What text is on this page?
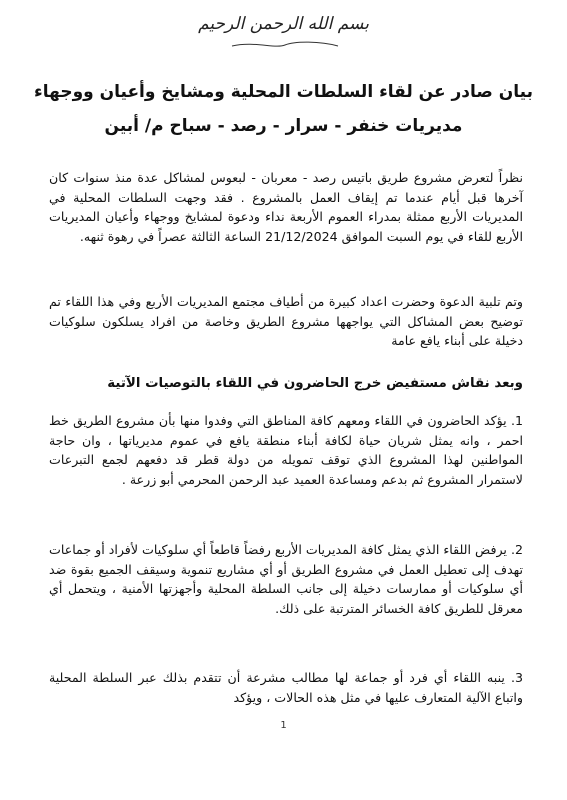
بسم الله الرحمن الرحيم
بيان صادر عن لقاء السلطات المحلية ومشايخ وأعيان ووجهاء
مديريات خنفر - سرار - رصد - سباح م/ أبين
نظراً لتعرض مشروع طريق باتيس رصد - معربان - لبعوس لمشاكل عدة منذ سنوات كان آخرها قبل أيام عندما تم إيقاف العمل بالمشروع . فقد وجهت السلطات المحلية في المديريات الأربع ممثلة بمدراء العموم الأربعة نداء ودعوة لمشايخ ووجهاء وأعيان المديريات الأربع للقاء في يوم السبت الموافق 21/12/2024 الساعة الثالثة عصراً في رهوة ثنهه.
وتم تلبية الدعوة وحضرت اعداد كبيرة من أطياف مجتمع المديريات الأربع وفي هذا اللقاء تم توضيح بعض المشاكل التي يواجهها مشروع الطريق وخاصة من افراد يسلكون سلوكيات دخيلة على أبناء يافع عامة
وبعد نقاش مستفيض خرج الحاضرون في اللقاء بالتوصيات الآتية
1. يؤكد الحاضرون في اللقاء ومعهم كافة المناطق التي وفدوا منها بأن مشروع الطريق خط احمر ، وانه يمثل شريان حياة لكافة أبناء منطقة يافع في عموم مديرياتها ، وان حاجة المواطنين لهذا المشروع الذي توقف تمويله من دولة قطر قد دفعهم لجمع التبرعات لاستمرار المشروع ثم بدعم ومساعدة العميد عبد الرحمن المحرمي أبو زرعة .
2. يرفض اللقاء الذي يمثل كافة المديريات الأربع رفضاً قاطعاً أي سلوكيات لأفراد أو جماعات تهدف إلى تعطيل العمل في مشروع الطريق أو أي مشاريع تنموية وسيقف الجميع بقوة ضد أي سلوكيات أو ممارسات دخيلة إلى جانب السلطة المحلية وأجهزتها الأمنية ، ويتحمل أي معرقل للطريق كافة الخسائر المترتبة على ذلك.
3. ينبه اللقاء أي فرد أو جماعة لها مطالب مشرعة أن تتقدم بذلك عبر السلطة المحلية واتباع الآلية المتعارف عليها في مثل هذه الحالات ، ويؤكد
1
